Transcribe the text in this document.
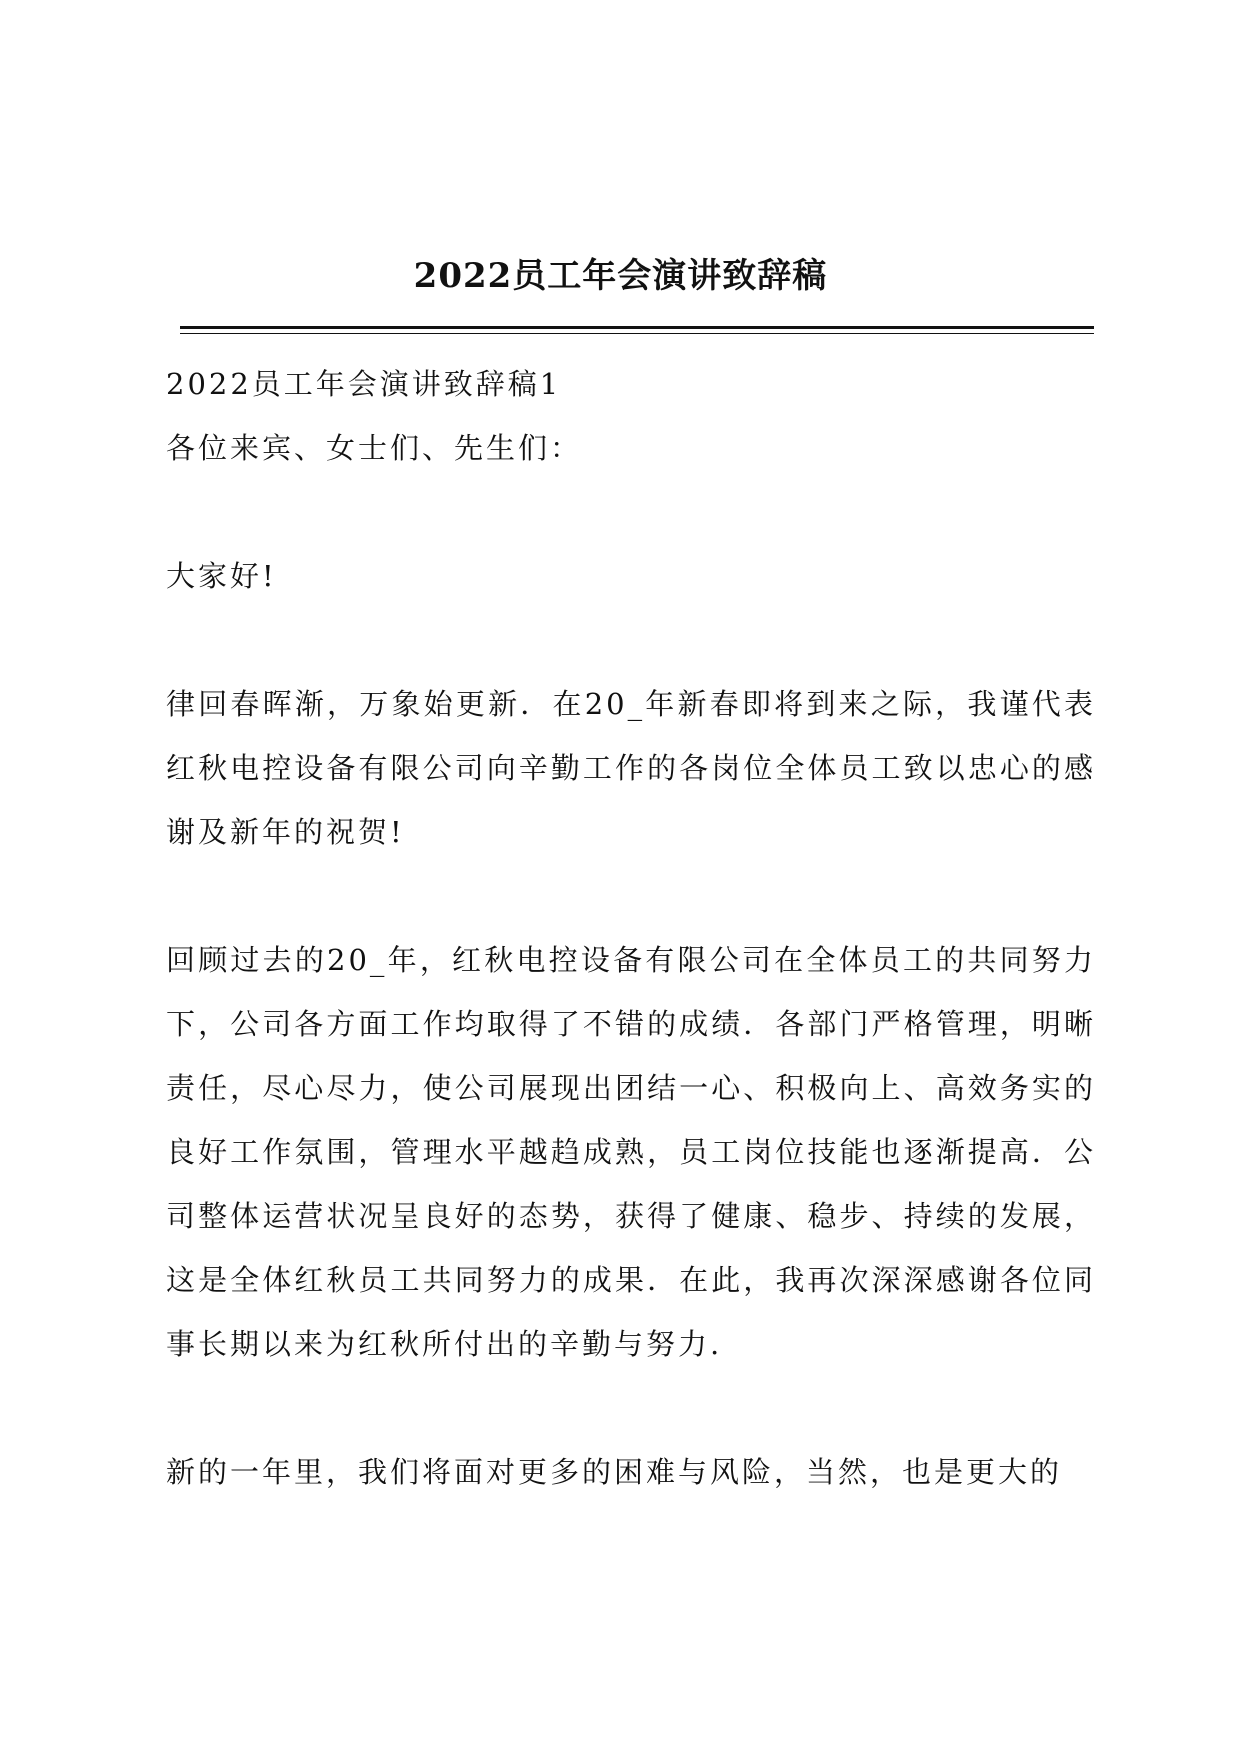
2022员工年会演讲致辞稿

2022员工年会演讲致辞稿1

各位来宾、女士们、先生们：

大家好!

律回春晖渐，万象始更新．在20_年新春即将到来之际，我谨代表红秋电控设备有限公司向辛勤工作的各岗位全体员工致以忠心的感谢及新年的祝贺!

回顾过去的20_年，红秋电控设备有限公司在全体员工的共同努力下，公司各方面工作均取得了不错的成绩．各部门严格管理，明晰责任，尽心尽力，使公司展现出团结一心、积极向上、高效务实的良好工作氛围，管理水平越趋成熟，员工岗位技能也逐渐提高．公司整体运营状况呈良好的态势，获得了健康、稳步、持续的发展，这是全体红秋员工共同努力的成果．在此，我再次深深感谢各位同事长期以来为红秋所付出的辛勤与努力.

新的一年里，我们将面对更多的困难与风险，当然，也是更大的
